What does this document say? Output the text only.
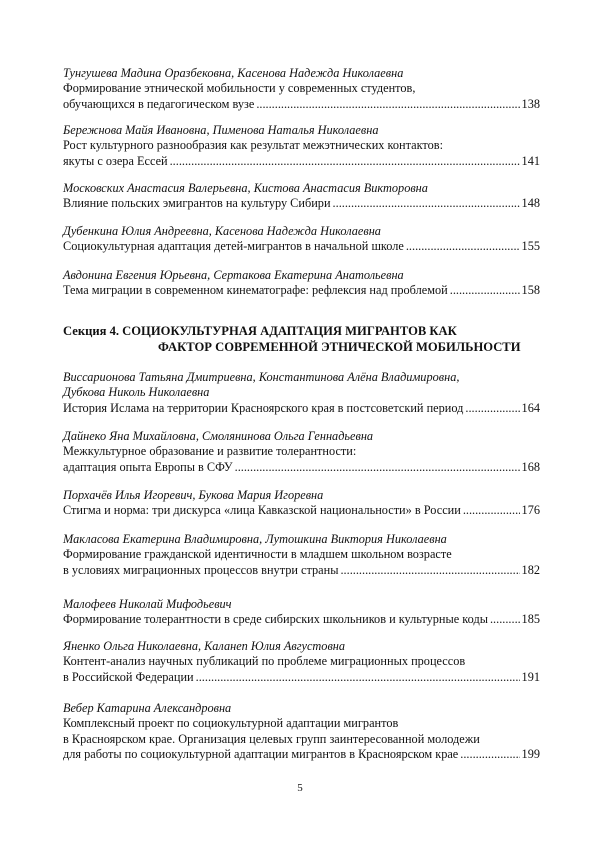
Тунгушева Мадина Оразбековна, Касенова Надежда Николаевна
Формирование этнической мобильности у современных студентов,
обучающихся в педагогическом вузе .....	138
Бережнова Майя Ивановна, Пименова Наталья Николаевна
Рост культурного разнообразия как результат межэтнических контактов:
якуты с озера Ессей .....	141
Московских Анастасия Валерьевна, Кистова Анастасия Викторовна
Влияние польских эмигрантов на культуру Сибири .....	148
Дубенкина Юлия Андреевна, Касенова Надежда Николаевна
Социокультурная адаптация детей-мигрантов в начальной школе .....	155
Авдонина Евгения Юрьевна, Сертакова Екатерина Анатольевна
Тема миграции в современном кинематографе: рефлексия над проблемой .....	158
Секция 4. СОЦИОКУЛЬТУРНАЯ АДАПТАЦИЯ МИГРАНТОВ КАК
ФАКТОР СОВРЕМЕННОЙ ЭТНИЧЕСКОЙ МОБИЛЬНОСТИ
Виссарионова Татьяна Дмитриевна, Константинова Алёна Владимировна,
Дубкова Николь Николаевна
История Ислама на территории Красноярского края в постсоветский период .....	164
Дайнеко Яна Михайловна, Смолянинова Ольга Геннадьевна
Межкультурное образование и развитие толерантности:
адаптация опыта Европы в СФУ .....	168
Порхачёв Илья Игоревич, Букова Мария Игоревна
Стигма и норма: три дискурса «лица Кавказской национальности» в России .....	176
Макласова Екатерина Владимировна, Лутошкина Виктория Николаевна
Формирование гражданской идентичности в младшем школьном возрасте
в условиях миграционных процессов внутри страны .....	182
Малофеев Николай Мифодьевич
Формирование толерантности в среде сибирских школьников и культурные коды .....	185
Яненко Ольга Николаевна, Каланеп Юлия Августовна
Контент-анализ научных публикаций по проблеме миграционных процессов
в Российской Федерации .....	191
Вебер Катарина Александровна
Комплексный проект по социокультурной адаптации мигрантов
в Красноярском крае. Организация целевых групп заинтересованной молодежи
для работы по социокультурной адаптации мигрантов в Красноярском крае .....	199
5
